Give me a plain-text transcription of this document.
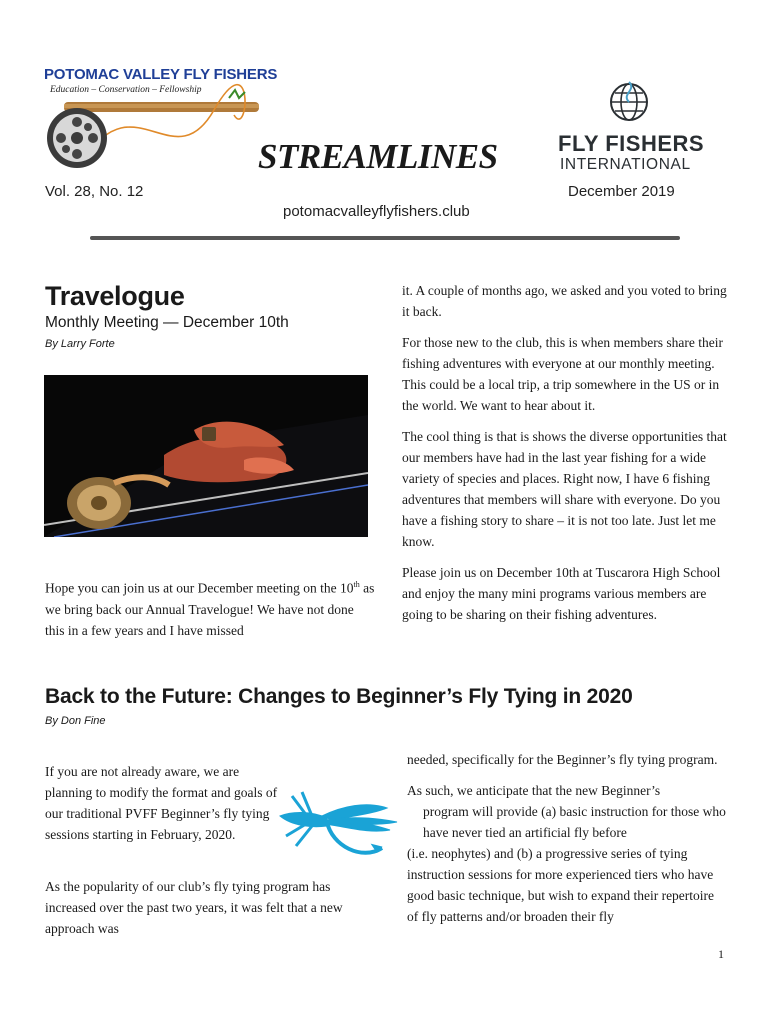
POTOMAC VALLEY FLY FISHERS
Education – Conservation – Fellowship
STREAMLINES	FLY FISHERS
INTERNATIONAL
Vol. 28, No. 12	December 2019
potomacvalleyflyfishers.club
Travelogue
Monthly Meeting — December 10th
By Larry Forte
Hope you can join us at our December meeting on the 10th as we bring back our Annual Travelogue! We have not done this in a few years and I have missed

it. A couple of months ago, we asked and you voted to bring it back.

For those new to the club, this is when members share their fishing adventures with everyone at our monthly meeting. This could be a local trip, a trip somewhere in the US or in the world. We want to hear about it.

The cool thing is that is shows the diverse opportunities that our members have had in the last year fishing for a wide variety of species and places. Right now, I have 6 fishing adventures that members will share with everyone. Do you have a fishing story to share – it is not too late. Just let me know.

Please join us on December 10th at Tuscarora High School and enjoy the many mini programs various members are going to be sharing on their fishing adventures.

Back to the Future: Changes to Beginner’s Fly Tying in 2020
By Don Fine
If you are not already aware, we are planning to modify the format and goals of our traditional PVFF Beginner’s fly tying sessions starting in February, 2020.
As the popularity of our club’s fly tying program has increased over the past two years, it was felt that a new approach was

needed, specifically for the Beginner’s fly tying program.

As such, we anticipate that the new Beginner’s
program will provide (a) basic instruction for those who have never tied an artificial fly before
(i.e. neophytes) and (b) a progressive series of tying instruction sessions for more experienced tiers who have good basic technique, but wish to expand their repertoire of fly patterns and/or broaden their fly

1
